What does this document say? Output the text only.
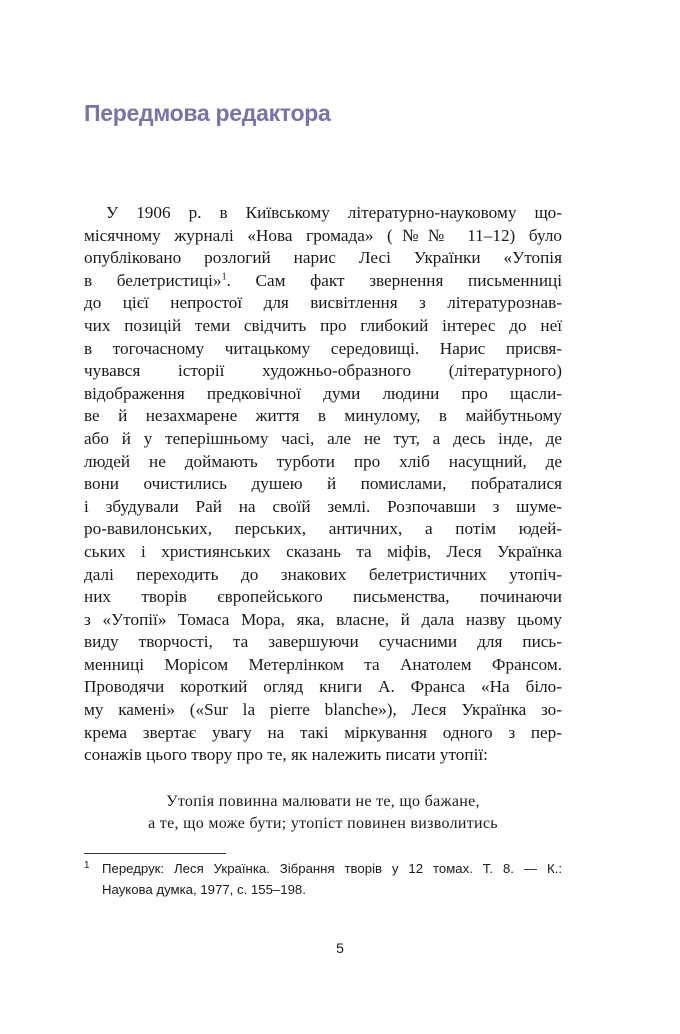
Передмова редактора
У 1906 р. в Київському літературно-науковому що-
місячному журналі «Нова громада» (№№ 11–12) було
опубліковано розлогий нарис Лесі Українки «Утопія
в белетристиці»$^1$. Сам факт звернення письменниці
до цієї непростої для висвітлення з літературознав-
чих позицій теми свідчить про глибокий інтерес до неї
в тогочасному читацькому середовищі. Нарис присвя-
чувався історії художньо-образного (літературного)
відображення предковічної думи людини про щасли-
ве й незахмарене життя в минулому, в майбутньому
або й у теперішньому часі, але не тут, а десь інде, де
людей не доймають турботи про хліб насущний, де
вони очистились душею й помислами, побраталися
і збудували Рай на своїй землі. Розпочавши з шуме-
ро-вавилонських, перських, античних, а потім юдей-
ських і християнських сказань та міфів, Леся Українка
далі переходить до знакових белетристичних утопіч-
них творів європейського письменства, починаючи
з «Утопії» Томаса Мора, яка, власне, й дала назву цьому
виду творчості, та завершуючи сучасними для пись-
менниці Морісом Метерлінком та Анатолем Франсом.
Проводячи короткий огляд книги А. Франса «На біло-
му камені» («Sur la pierre blanche»), Леся Українка зо-
крема звертає увагу на такі міркування одного з пер-
сонажів цього твору про те, як належить писати утопії:
Утопія повинна малювати не те, що бажане,
а те, що може бути; утопіст повинен визволитись
1 Передрук: Леся Українка. Зібрання творів у 12 томах. Т. 8. — К.:
Наукова думка, 1977, с. 155–198.
5
